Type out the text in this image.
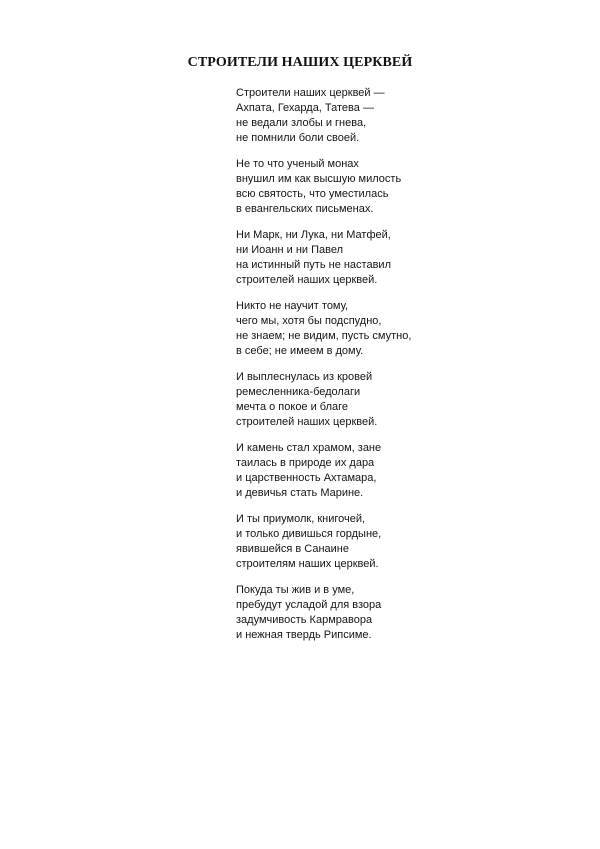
СТРОИТЕЛИ НАШИХ ЦЕРКВЕЙ
Строители наших церквей —
Ахпата, Гехарда, Татева —
не ведали злобы и гнева,
не помнили боли своей.
Не то что ученый монах
внушил им как высшую милость
всю святость, что уместилась
в евангельских письменах.
Ни Марк, ни Лука, ни Матфей,
ни Иоанн и ни Павел
на истинный путь не наставил
строителей наших церквей.
Никто не научит тому,
чего мы, хотя бы подспудно,
не знаем; не видим, пусть смутно,
в себе; не имеем в дому.
И выплеснулась из кровей
ремесленника-бедолаги
мечта о покое и благе
строителей наших церквей.
И камень стал храмом, зане
таилась в природе их дара
и царственность Ахтамара,
и девичья стать Марине.
И ты приумолк, книгочей,
и только дивишься гордыне,
явившейся в Санаине
строителям наших церквей.
Покуда ты жив и в уме,
пребудут усладой для взора
задумчивость Кармравора
и нежная твердь Рипсиме.
